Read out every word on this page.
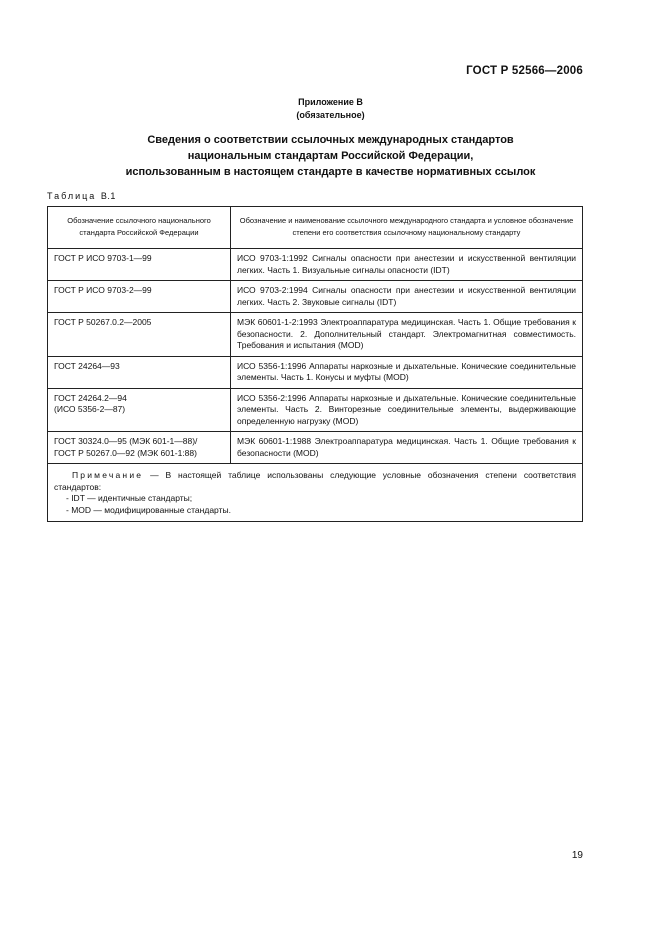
ГОСТ Р 52566—2006
Приложение В
(обязательное)
Сведения о соответствии ссылочных международных стандартов
национальным стандартам Российской Федерации,
использованным в настоящем стандарте в качестве нормативных ссылок
Таблица В.1
Обозначение ссылочного национального стандарта Российской Федерации	Обозначение и наименование ссылочного международного стандарта и условное обозначение степени его соответствия ссылочному национальному стандарту

ГОСТ Р ИСО 9703-1—99	ИСО 9703-1:1992 Сигналы опасности при анестезии и искусственной вентиляции легких. Часть 1. Визуальные сигналы опасности (IDT)

ГОСТ Р ИСО 9703-2—99	ИСО 9703-2:1994 Сигналы опасности при анестезии и искусственной вентиляции легких. Часть 2. Звуковые сигналы (IDT)

ГОСТ Р 50267.0.2—2005	МЭК 60601-1-2:1993 Электроаппаратура медицинская. Часть 1. Общие требования к безопасности. 2. Дополнительный стандарт. Электромагнитная совместимость. Требования и испытания (MOD)

ГОСТ 24264—93	ИСО 5356-1:1996 Аппараты наркозные и дыхательные. Конические соединительные элементы. Часть 1. Конусы и муфты (MOD)

ГОСТ 24264.2—94
(ИСО 5356-2—87)	ИСО 5356-2:1996 Аппараты наркозные и дыхательные. Конические соединительные элементы. Часть 2. Винторезные соединительные элементы, выдерживающие определенную нагрузку (MOD)

ГОСТ 30324.0—95 (МЭК 601-1—88)/
ГОСТ Р 50267.0—92 (МЭК 601-1:88)	МЭК 60601-1:1988 Электроаппаратура медицинская. Часть 1. Общие требования к безопасности (MOD)

Примечание — В настоящей таблице использованы следующие условные обозначения степени соответствия стандартов:
- IDT — идентичные стандарты;
- MOD — модифицированные стандарты.	
19
